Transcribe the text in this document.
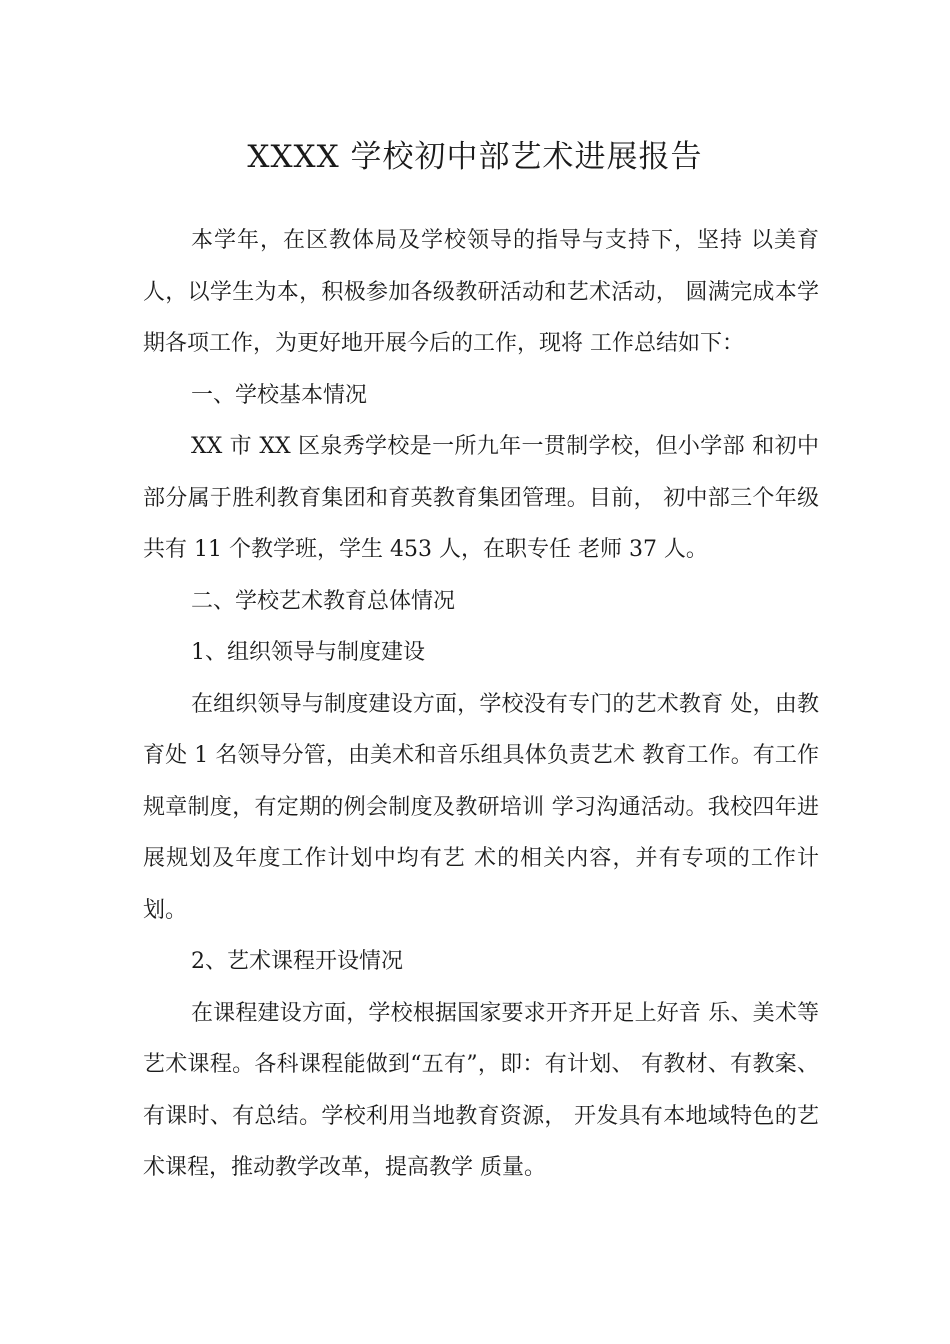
XXXX 学校初中部艺术进展报告

本学年，在区教体局及学校领导的指导与支持下，坚持 以美育人，以学生为本，积极参加各级教研活动和艺术活动， 圆满完成本学期各项工作，为更好地开展今后的工作，现将 工作总结如下：

一、学校基本情况

XX 市 XX 区泉秀学校是一所九年一贯制学校，但小学部 和初中部分属于胜利教育集团和育英教育集团管理。目前， 初中部三个年级共有 11 个教学班，学生 453 人，在职专任 老师 37 人。

二、学校艺术教育总体情况

1、组织领导与制度建设

在组织领导与制度建设方面，学校没有专门的艺术教育 处，由教育处 1 名领导分管，由美术和音乐组具体负责艺术 教育工作。有工作规章制度，有定期的例会制度及教研培训 学习沟通活动。我校四年进展规划及年度工作计划中均有艺 术的相关内容，并有专项的工作计划。

2、艺术课程开设情况

在课程建设方面，学校根据国家要求开齐开足上好音 乐、美术等艺术课程。各科课程能做到“五有”，即：有计划、 有教材、有教案、有课时、有总结。学校利用当地教育资源， 开发具有本地域特色的艺术课程，推动教学改革，提高教学 质量。
